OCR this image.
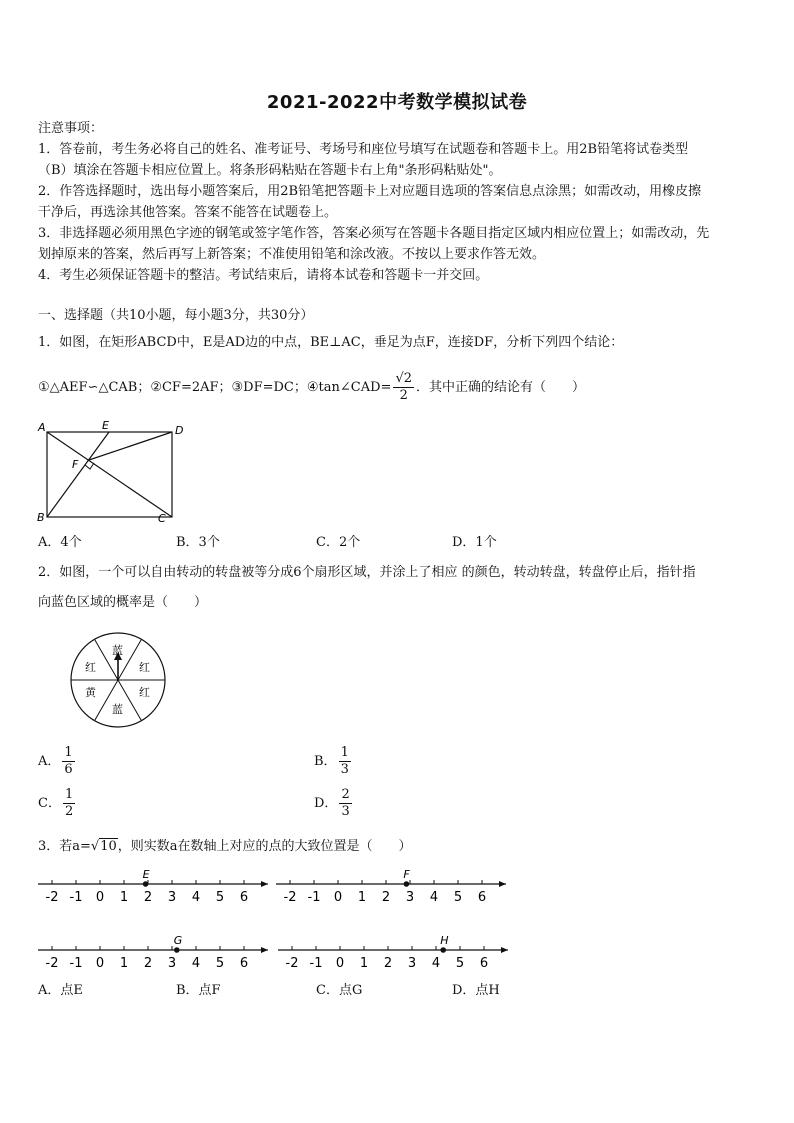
2021-2022中考数学模拟试卷
注意事项：
1．答卷前，考生务必将自己的姓名、准考证号、考场号和座位号填写在试题卷和答题卡上。用2B铅笔将试卷类型
（B）填涂在答题卡相应位置上。将条形码粘贴在答题卡右上角"条形码粘贴处"。
2．作答选择题时，选出每小题答案后，用2B铅笔把答题卡上对应题目选项的答案信息点涂黑；如需改动，用橡皮擦
干净后，再选涂其他答案。答案不能答在试题卷上。
3．非选择题必须用黑色字迹的钢笔或签字笔作答，答案必须写在答题卡各题目指定区域内相应位置上；如需改动，先
划掉原来的答案，然后再写上新答案；不准使用铅笔和涂改液。不按以上要求作答无效。
4．考生必须保证答题卡的整洁。考试结束后，请将本试卷和答题卡一并交回。
一、选择题（共10小题，每小题3分，共30分）
1．如图，在矩形ABCD中，E是AD边的中点，BE⊥AC，垂足为点F，连接DF，分析下列四个结论：
①△AEF∽△CAB；②CF=2AF；③DF=DC；④tan∠CAD= $\frac{√2}{2}$ ．其中正确的结论有（　　）
A	E	D
F
B	C
A．4个	B．3个	C．2个	D．1个
2．如图，一个可以自由转动的转盘被等分成6个扇形区域，并涂上了相应 的颜色，转动转盘，转盘停止后，指针指
向蓝色区域的概率是（　　）
蓝
红
红
蓝
黄
红
A． $\frac{1}{6}$	B． $\frac{1}{3}$
C． $\frac{1}{2}$	D． $\frac{2}{3}$
3．若a=√10，则实数a在数轴上对应的点的大致位置是（　　）
-2 -1 0 1 2 3 4 5 6
E
-2 -1 0 1 2 3 4 5 6
F
-2 -1 0 1 2 3 4 5 6
G
-2 -1 0 1 2 3 4 5 6
H
A．点E	B．点F	C．点G	D．点H
